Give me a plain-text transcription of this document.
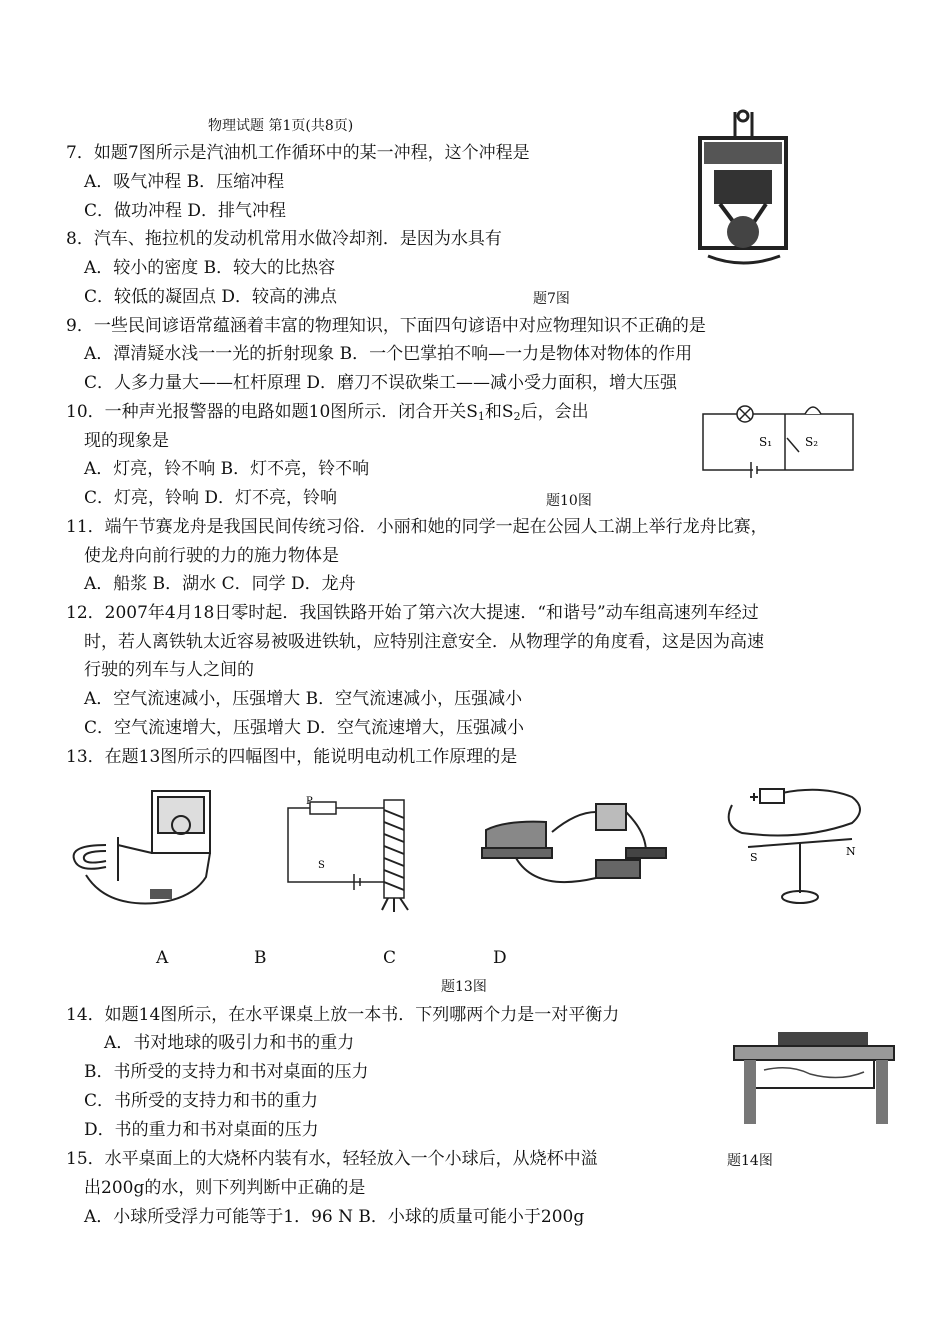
物理试题 第1页(共8页)
7．如题7图所示是汽油机工作循环中的某一冲程，这个冲程是
A．吸气冲程 B．压缩冲程
C．做功冲程 D．排气冲程
8．汽车、拖拉机的发动机常用水做冷却剂．是因为水具有
A．较小的密度 B．较大的比热容
C．较低的凝固点 D．较高的沸点	题7图
9．一些民间谚语常蕴涵着丰富的物理知识，下面四句谚语中对应物理知识不正确的是
A．潭清疑水浅一一光的折射现象 B．一个巴掌拍不响—一力是物体对物体的作用
C．人多力量大——杠杆原理 D．磨刀不误砍柴工——减小受力面积，增大压强
10．一种声光报警器的电路如题10图所示．闭合开关$S_1$和$S_2$后，会出
现的现象是
A．灯亮，铃不响 B．灯不亮，铃不响
C．灯亮，铃响 D．灯不亮，铃响	题10图
S₁	S₂
11．端午节赛龙舟是我国民间传统习俗．小丽和她的同学一起在公园人工湖上举行龙舟比赛，
使龙舟向前行驶的力的施力物体是
A．船浆 B．湖水 C．同学 D．龙舟
12．2007年4月18日零时起．我国铁路开始了第六次大提速．“和谐号”动车组高速列车经过
时，若人离铁轨太近容易被吸进铁轨，应特别注意安全．从物理学的角度看，这是因为高速
行驶的列车与人之间的
A．空气流速减小，压强增大 B．空气流速减小，压强减小
C．空气流速增大，压强增大 D．空气流速增大，压强减小
13．在题13图所示的四幅图中，能说明电动机工作原理的是
P
S
S	N
A	B	C	D
题13图
14．如题14图所示，在水平课桌上放一本书．下列哪两个力是一对平衡力
A．书对地球的吸引力和书的重力
B．书所受的支持力和书对桌面的压力
C．书所受的支持力和书的重力
D．书的重力和书对桌面的压力
题14图
15．水平桌面上的大烧杯内装有水，轻轻放入一个小球后，从烧杯中溢
出200g的水，则下列判断中正确的是
A．小球所受浮力可能等于1．96 N B．小球的质量可能小于200g
